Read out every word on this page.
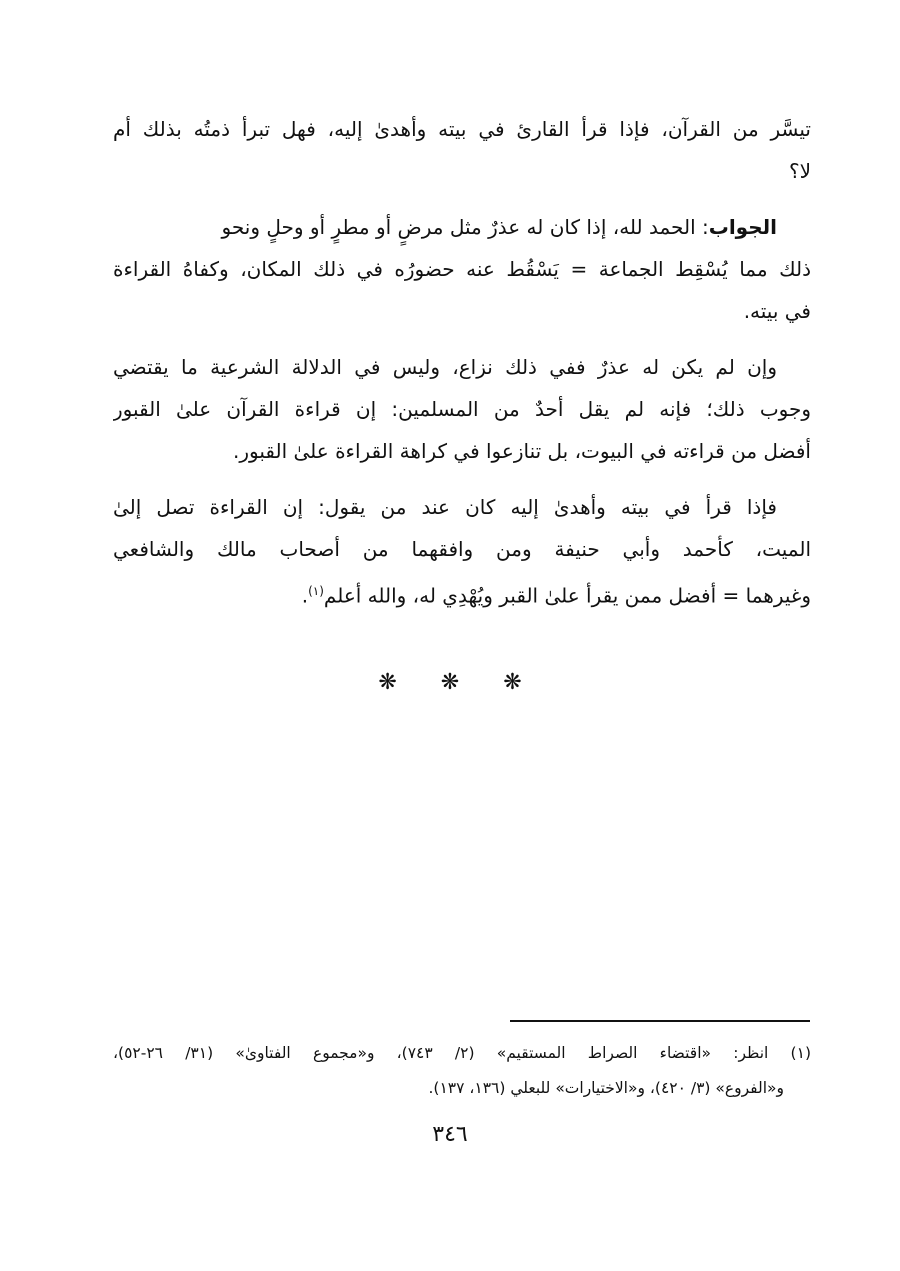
تيسَّر من القرآن، فإذا قرأ القارئ في بيته وأهدىٰ إليه، فهل تبرأ ذمتُه بذلك أم
لا؟
الجواب: الحمد لله، إذا كان له عذرٌ مثل مرضٍ أو مطرٍ أو وحلٍ ونحو
ذلك مما يُسْقِط الجماعة = يَسْقُط عنه حضورُه في ذلك المكان، وكفاهُ القراءة
في بيته.
وإن لم يكن له عذرٌ ففي ذلك نزاع، وليس في الدلالة الشرعية ما يقتضي
وجوب ذلك؛ فإنه لم يقل أحدٌ من المسلمين: إن قراءة القرآن علىٰ القبور
أفضل من قراءته في البيوت، بل تنازعوا في كراهة القراءة علىٰ القبور.
فإذا قرأ في بيته وأهدىٰ إليه كان عند من يقول: إن القراءة تصل إلىٰ
الميت، كأحمد وأبي حنيفة ومن وافقهما من أصحاب مالك والشافعي
وغيرهما = أفضل ممن يقرأ علىٰ القبر ويُهْدِي له، والله أعلم$^{(١)}$.
❋❋❋
(١) انظر: «اقتضاء الصراط المستقيم» (٢/ ٧٤٣)، و«مجموع الفتاوىٰ» (٣١/ ٢٦-٥٢)،
و«الفروع» (٣/ ٤٢٠)، و«الاختيارات» للبعلي (١٣٦، ١٣٧).
٣٤٦
